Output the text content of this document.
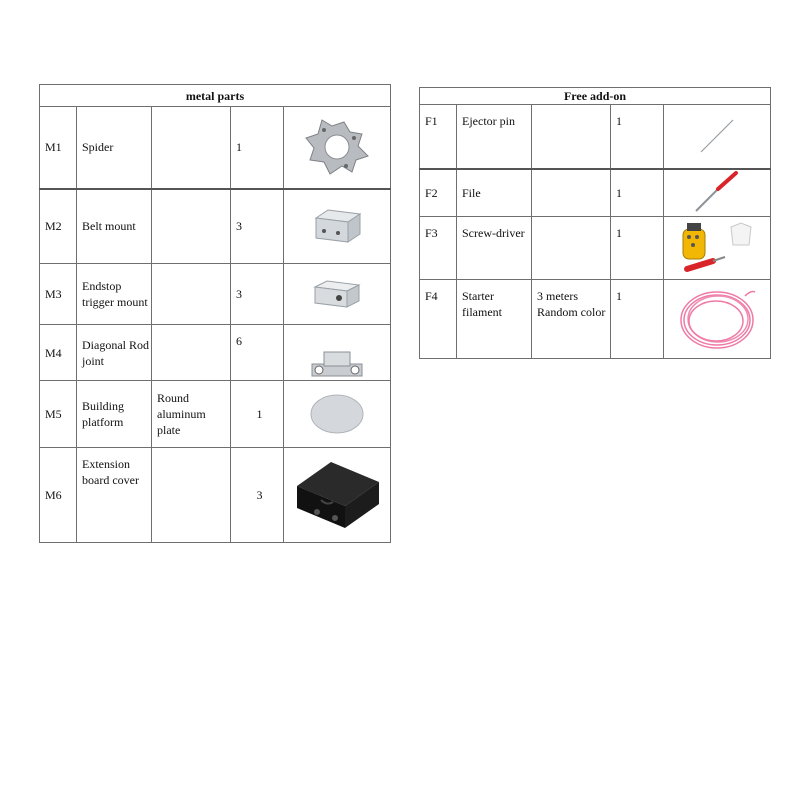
metal parts				
M1	Spider		1	

M2	Belt mount		3	

M3	Endstop trigger mount		3	

M4	Diagonal Rod joint		6	

M5	Building platform	Round aluminum plate	1	

M6	Extension board cover		3	
Free add-on				
F1	Ejector pin		1	

F2	File		1	

F3	Screw-driver		1	

F4	Starter filament	3 meters Random color	1	
